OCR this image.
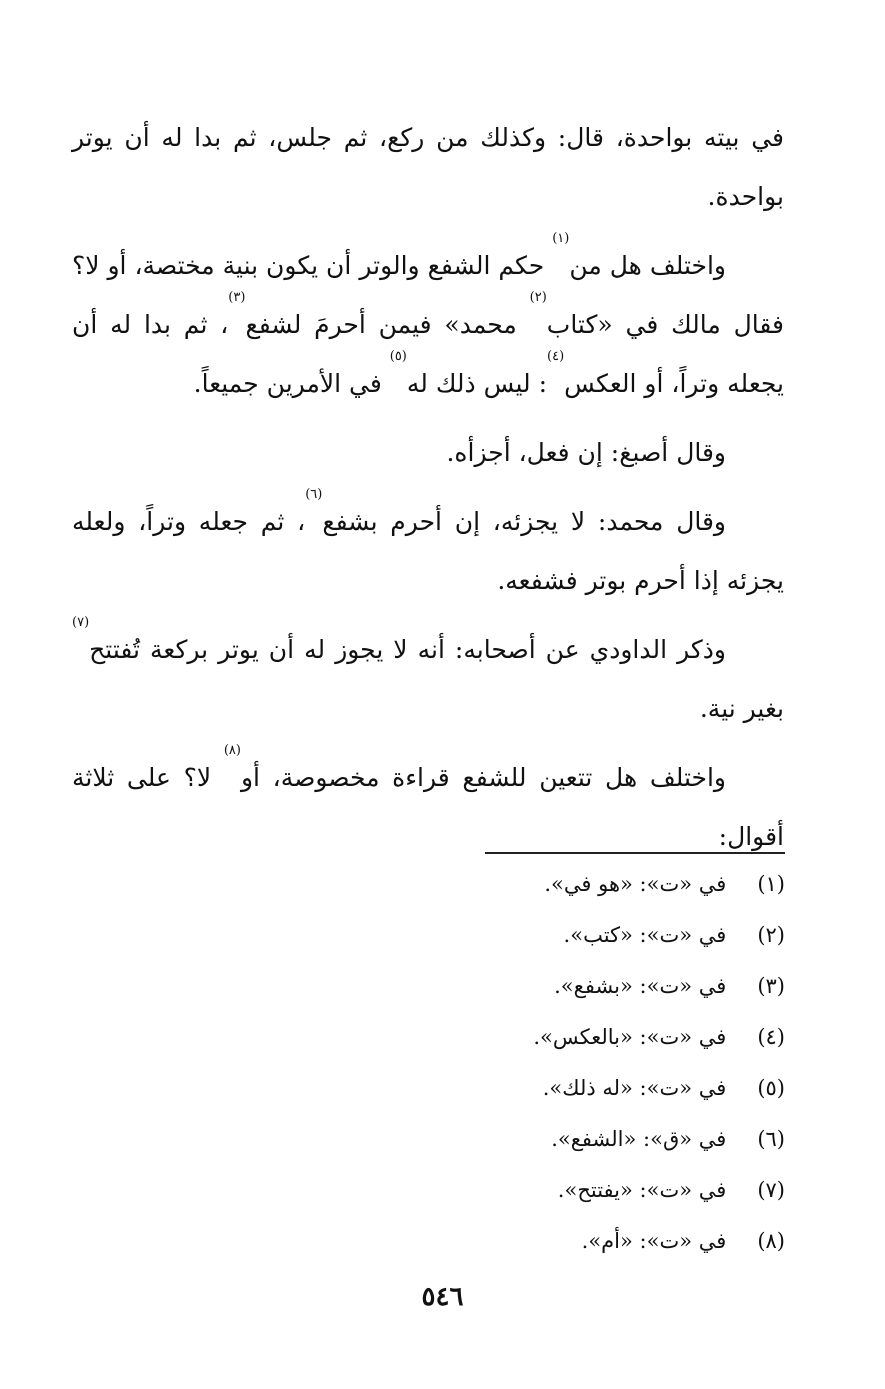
في بيته بواحدة، قال: وكذلك من ركع، ثم جلس، ثم بدا له أن يوتر بواحدة.

واختلف هل من$^{(١)}$ حكم الشفع والوتر أن يكون بنية مختصة، أو لا؟ فقال مالك في «كتاب$^{(٢)}$ محمد» فيمن أحرمَ لشفع$^{(٣)}$، ثم بدا له أن يجعله وتراً، أو العكس$^{(٤)}$: ليس ذلك له$^{(٥)}$ في الأمرين جميعاً.

وقال أصبغ: إن فعل، أجزأه.

وقال محمد: لا يجزئه، إن أحرم بشفع$^{(٦)}$، ثم جعله وتراً، ولعله يجزئه إذا أحرم بوتر فشفعه.

وذكر الداودي عن أصحابه: أنه لا يجوز له أن يوتر بركعة تُفتتح$^{(٧)}$ بغير نية.

واختلف هل تتعين للشفع قراءة مخصوصة، أو$^{(٨)}$ لا؟ على ثلاثة أقوال:

(١) في «ت»: «هو في».
(٢) في «ت»: «كتب».
(٣) في «ت»: «بشفع».
(٤) في «ت»: «بالعكس».
(٥) في «ت»: «له ذلك».
(٦) في «ق»: «الشفع».
(٧) في «ت»: «يفتتح».
(٨) في «ت»: «أم».
٥٤٦
